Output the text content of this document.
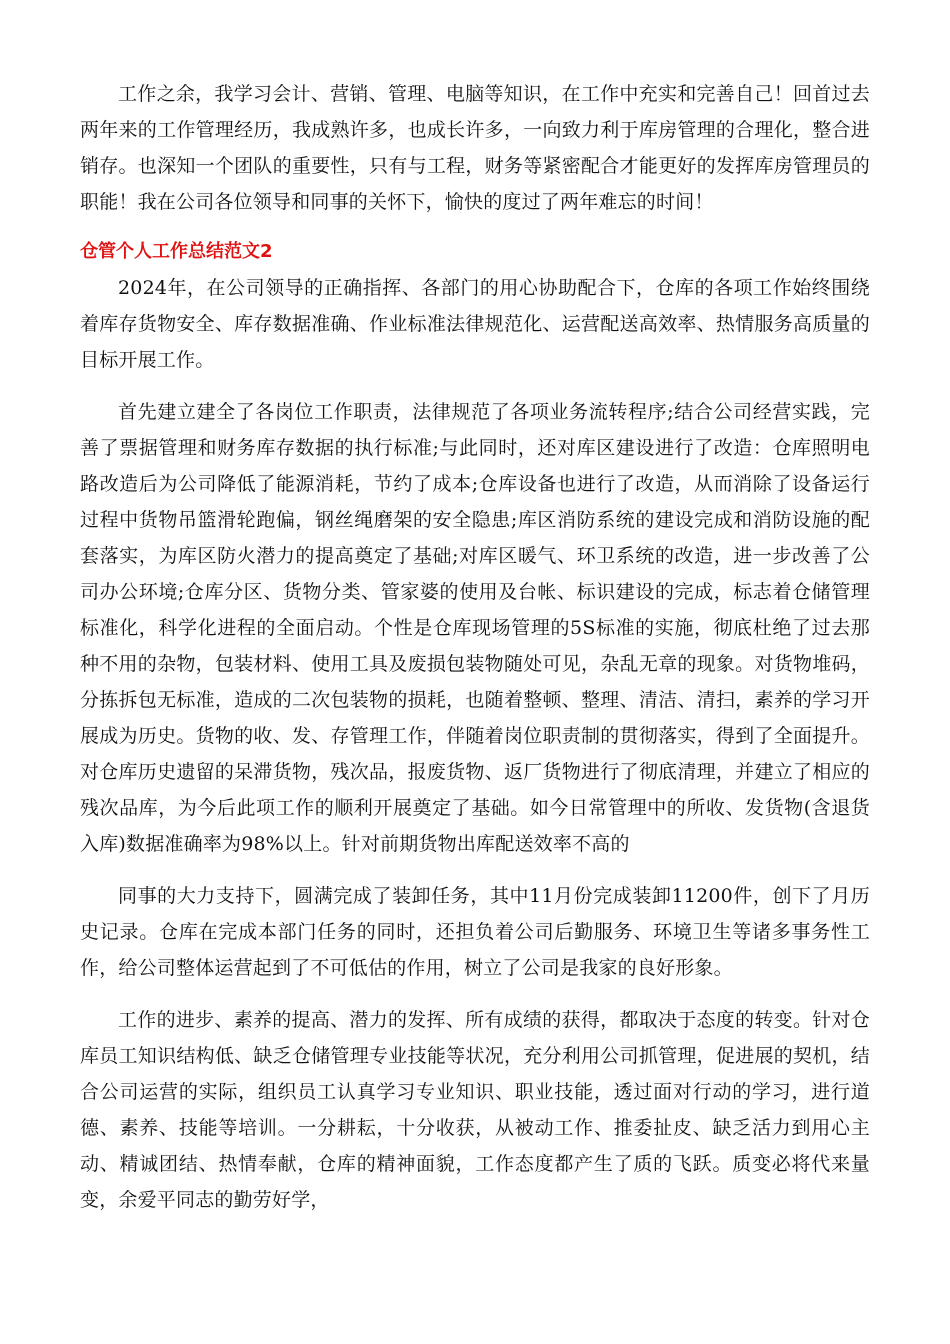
工作之余，我学习会计、营销、管理、电脑等知识，在工作中充实和完善自己！回首过去两年来的工作管理经历，我成熟许多，也成长许多，一向致力利于库房管理的合理化，整合进销存。也深知一个团队的重要性，只有与工程，财务等紧密配合才能更好的发挥库房管理员的职能！我在公司各位领导和同事的关怀下，愉快的度过了两年难忘的时间！

仓管个人工作总结范文2

2024年，在公司领导的正确指挥、各部门的用心协助配合下，仓库的各项工作始终围绕着库存货物安全、库存数据准确、作业标准法律规范化、运营配送高效率、热情服务高质量的目标开展工作。

首先建立建全了各岗位工作职责，法律规范了各项业务流转程序;结合公司经营实践，完善了票据管理和财务库存数据的执行标准;与此同时，还对库区建设进行了改造：仓库照明电路改造后为公司降低了能源消耗，节约了成本;仓库设备也进行了改造，从而消除了设备运行过程中货物吊篮滑轮跑偏，钢丝绳磨架的安全隐患;库区消防系统的建设完成和消防设施的配套落实，为库区防火潜力的提高奠定了基础;对库区暖气、环卫系统的改造，进一步改善了公司办公环境;仓库分区、货物分类、管家婆的使用及台帐、标识建设的完成，标志着仓储管理标准化，科学化进程的全面启动。个性是仓库现场管理的5S标准的实施，彻底杜绝了过去那种不用的杂物，包装材料、使用工具及废损包装物随处可见，杂乱无章的现象。对货物堆码，分拣拆包无标准，造成的二次包装物的损耗，也随着整顿、整理、清洁、清扫，素养的学习开展成为历史。货物的收、发、存管理工作，伴随着岗位职责制的贯彻落实，得到了全面提升。对仓库历史遗留的呆滞货物，残次品，报废货物、返厂货物进行了彻底清理，并建立了相应的残次品库，为今后此项工作的顺利开展奠定了基础。如今日常管理中的所收、发货物(含退货入库)数据准确率为98%以上。针对前期货物出库配送效率不高的

同事的大力支持下，圆满完成了装卸任务，其中11月份完成装卸11200件，创下了月历史记录。仓库在完成本部门任务的同时，还担负着公司后勤服务、环境卫生等诸多事务性工作，给公司整体运营起到了不可低估的作用，树立了公司是我家的良好形象。

工作的进步、素养的提高、潜力的发挥、所有成绩的获得，都取决于态度的转变。针对仓库员工知识结构低、缺乏仓储管理专业技能等状况，充分利用公司抓管理，促进展的契机，结合公司运营的实际，组织员工认真学习专业知识、职业技能，透过面对行动的学习，进行道德、素养、技能等培训。一分耕耘，十分收获，从被动工作、推委扯皮、缺乏活力到用心主动、精诚团结、热情奉献，仓库的精神面貌，工作态度都产生了质的飞跃。质变必将代来量变，余爱平同志的勤劳好学，
